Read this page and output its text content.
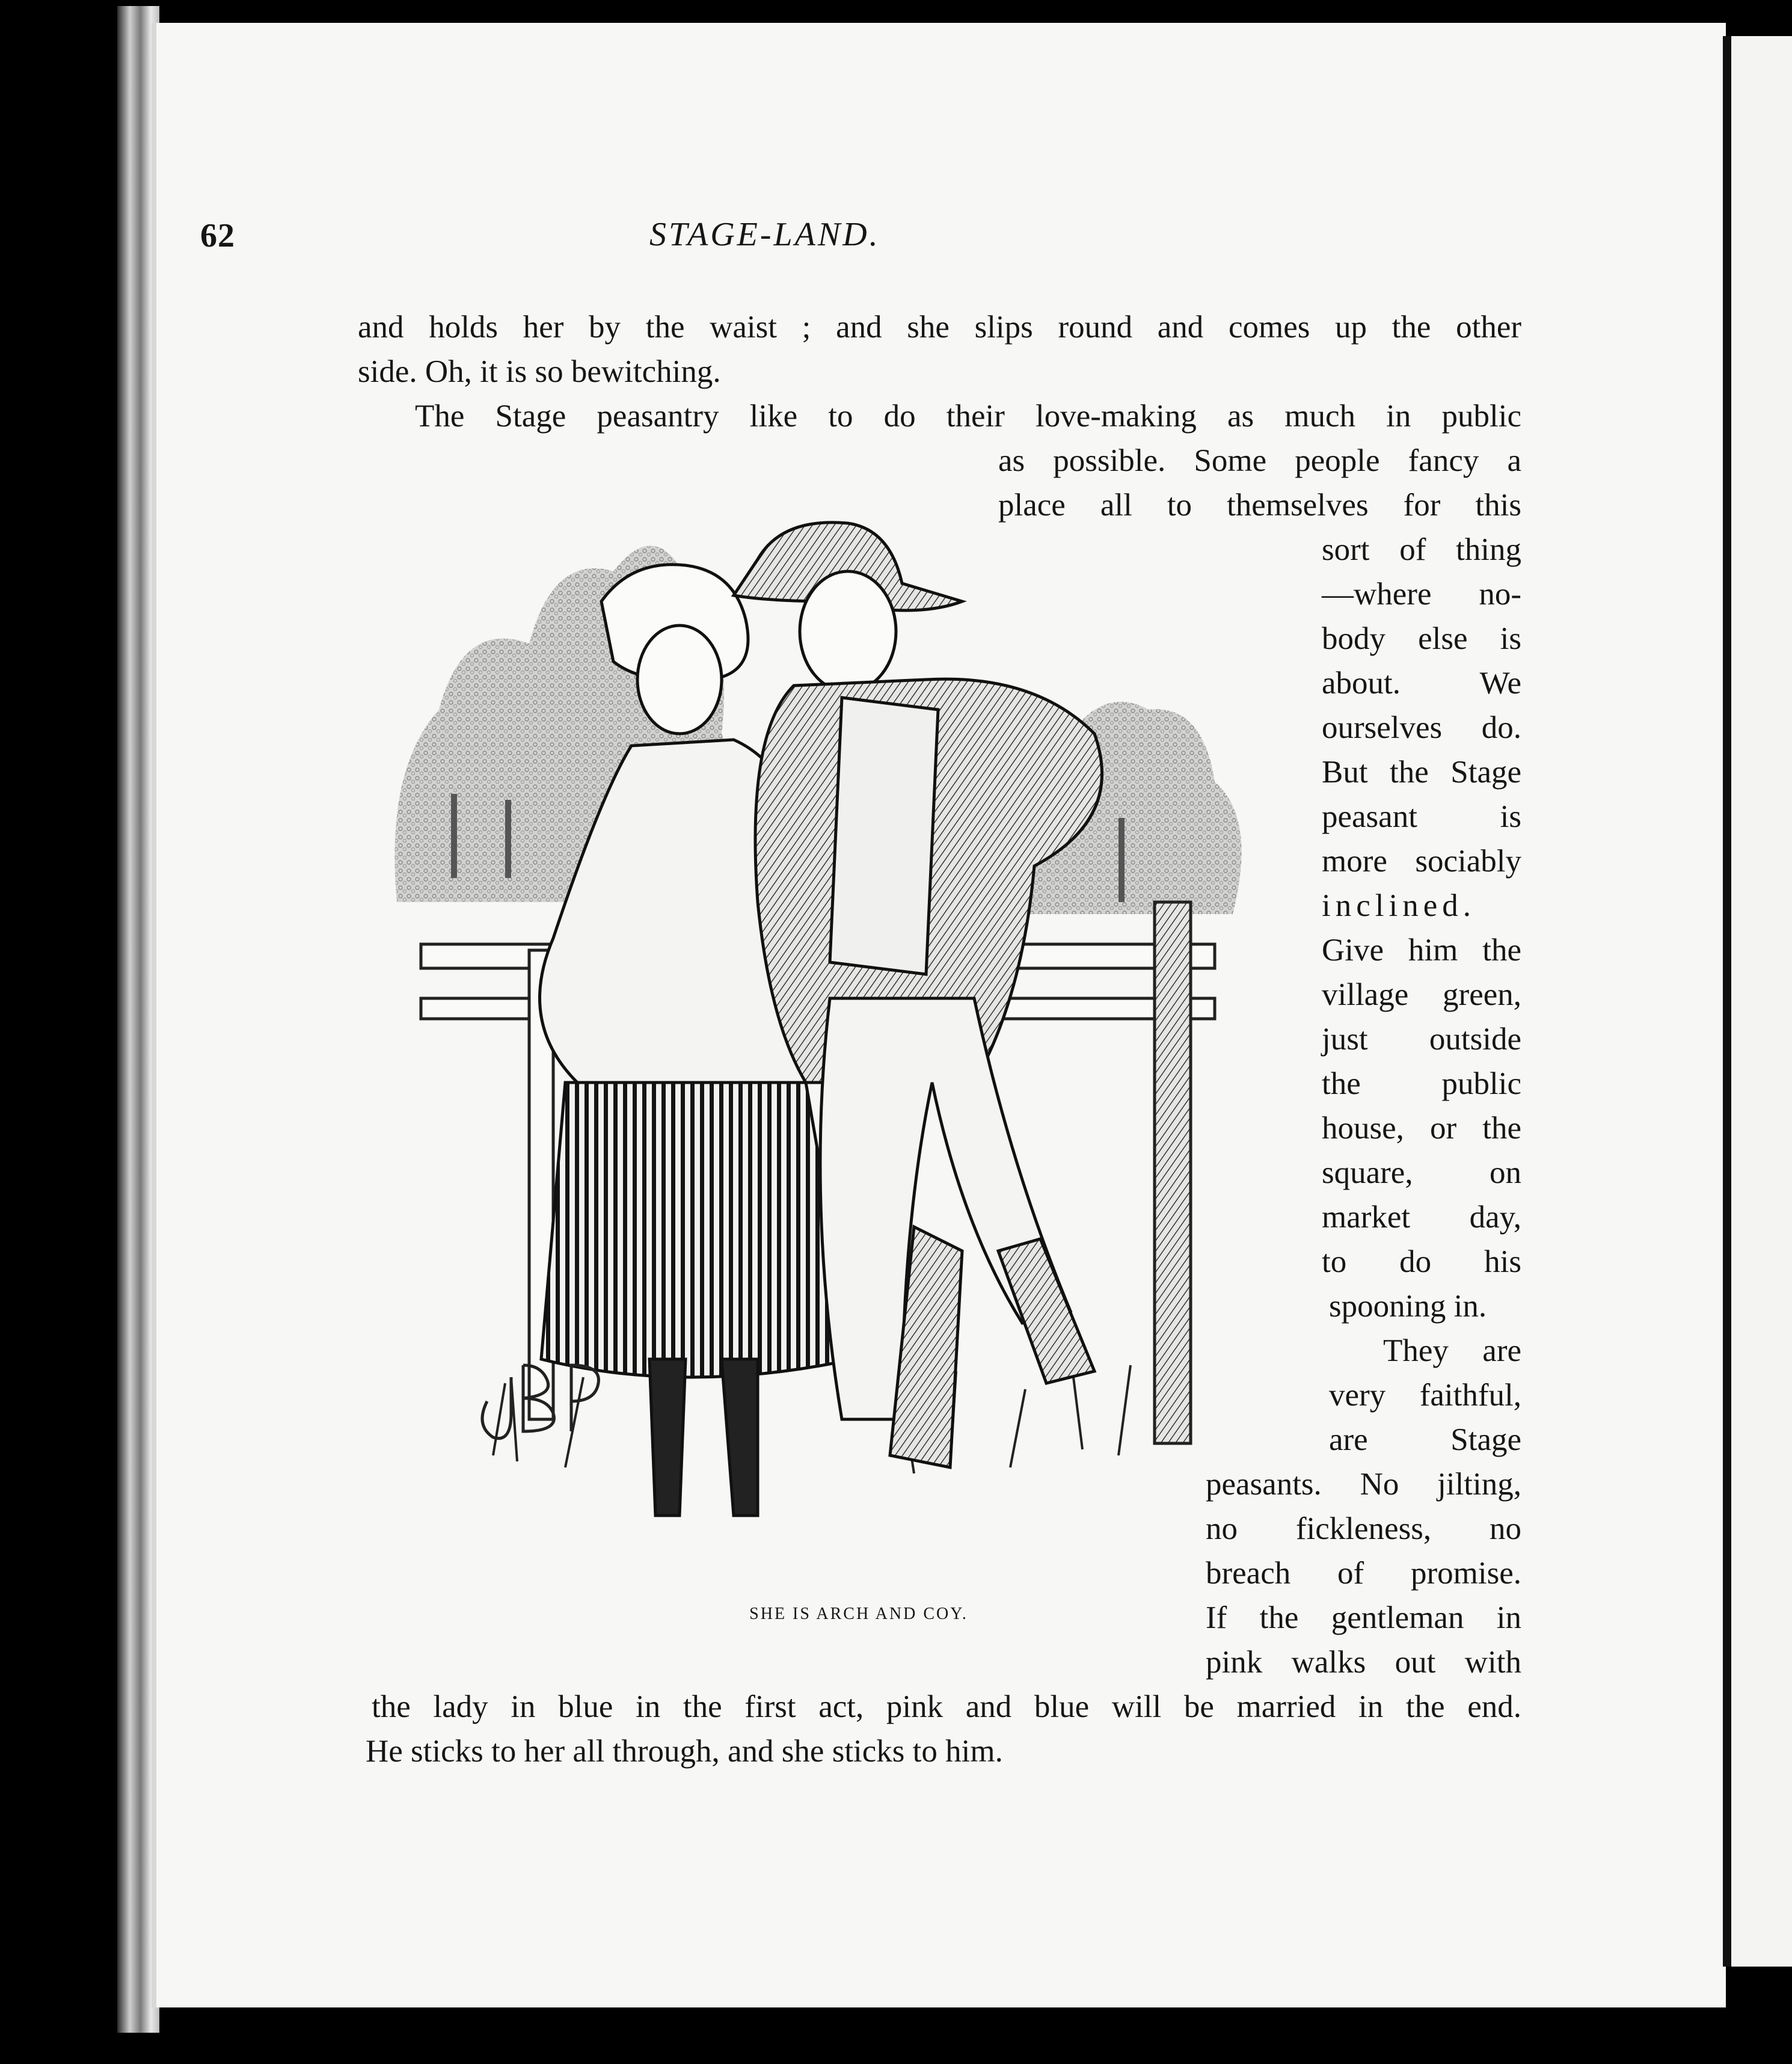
62	STAGE-LAND.
and holds her by the waist ; and she slips round and comes up the other
side. Oh, it is so bewitching.
The Stage peasantry like to do their love-making as much in public
as possible. Some people fancy a
place all to themselves for this
sort of thing
—where no-
body else is
about. We
ourselves do.
But the Stage
peasant is
more sociably
inclined.
Give him the
village green,
just outside
the public
house, or the
square, on
market day,
to do his
spooning in.
They are
very faithful,
are Stage
peasants. No jilting,
no fickleness, no
breach of promise.
If the gentleman in
pink walks out with
the lady in blue in the first act, pink and blue will be married in the end.
He sticks to her all through, and she sticks to him.
SHE IS ARCH AND COY.
